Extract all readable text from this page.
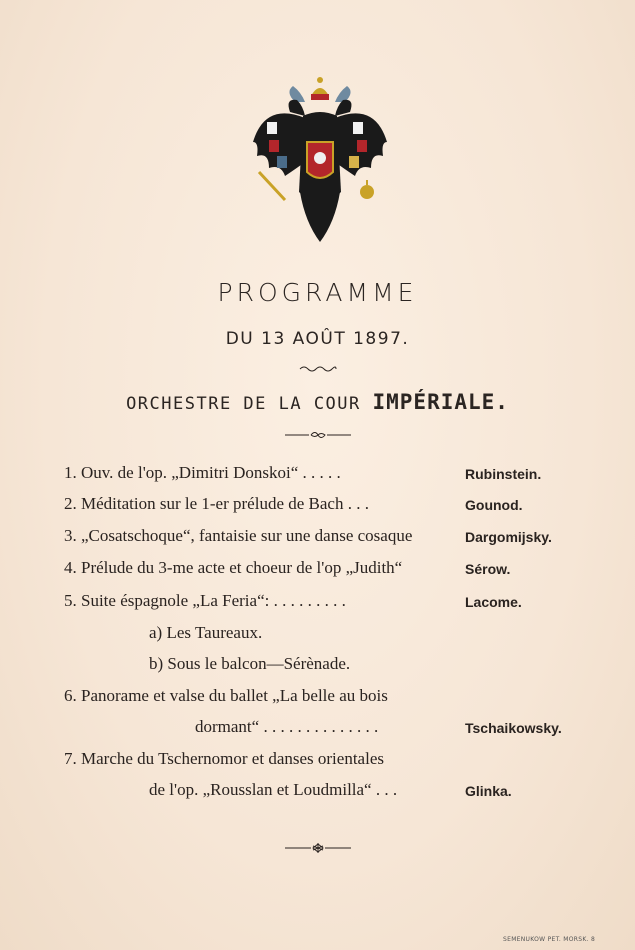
PROGRAMME
DU 13 AOÛT 1897.
ORCHESTRE DE LA COUR IMPÉRIALE.
1. Ouv. de l'op. „Dimitri Donskoi“ . . . . .	Rubinstein.
2. Méditation sur le 1-er prélude de Bach . . .	Gounod.
3. „Cosatschoque“, fantaisie sur une danse cosaque	Dargomijsky.
4. Prélude du 3-me acte et choeur de l'op „Judith“	Sérow.
5. Suite éspagnole „La Feria“: . . . . . . . . .	Lacome.
a) Les Taureaux.
b) Sous le balcon—Sérènade.
6. Panorame et valse du ballet „La belle au bois
dormant“ . . . . . . . . . . . . . .	Tschaikowsky.
7. Marche du Tschernomor et danses orientales
de l'op. „Rousslan et Loudmilla“ . . .	Glinka.
SEMENUKOW PET. MORSK. 8
